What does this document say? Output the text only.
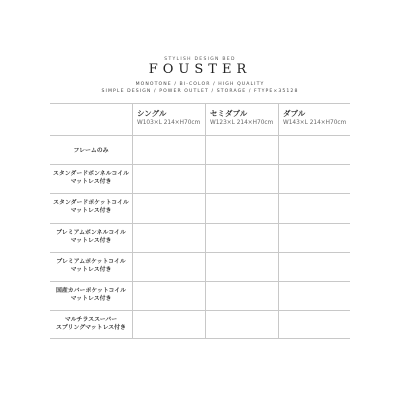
STYLISH DESIGN BED
FOUSTER
MONOTONE / BI-COLOR / HIGH QUALITY
SIMPLE DESIGN / POWER OUTLET / STORAGE / FTYPE×35128
シングル
W103×L 214×H70cm
セミダブル
W123×L 214×H70cm
ダブル
W143×L 214×H70cm
フレームのみ
スタンダードボンネルコイル
マットレス付き
スタンダードポケットコイル
マットレス付き
プレミアムボンネルコイル
マットレス付き
プレミアムポケットコイル
マットレス付き
国産カバーポケットコイル
マットレス付き
マルチラススーパー
スプリングマットレス付き
